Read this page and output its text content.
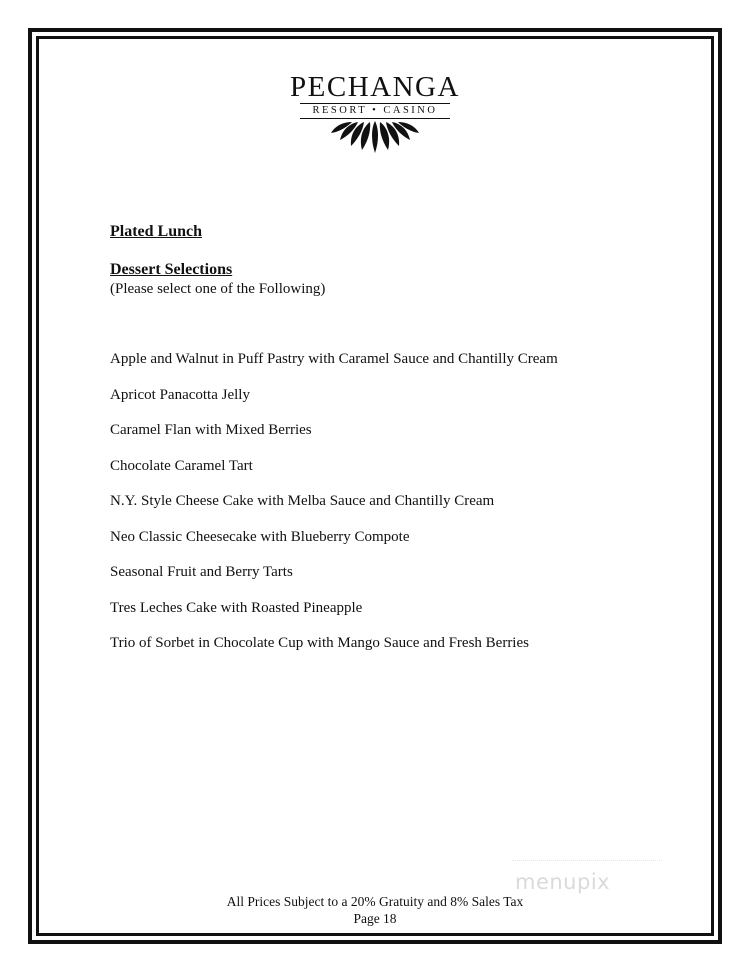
PECHANGA
RESORT • CASINO

Plated Lunch

Dessert Selections

(Please select one of the Following)

Apple and Walnut in Puff Pastry with Caramel Sauce and Chantilly Cream
Apricot Panacotta Jelly
Caramel Flan with Mixed Berries
Chocolate Caramel Tart
N.Y. Style Cheese Cake with Melba Sauce and Chantilly Cream
Neo Classic Cheesecake with Blueberry Compote
Seasonal Fruit and Berry Tarts
Tres Leches Cake with Roasted Pineapple
Trio of Sorbet in Chocolate Cup with Mango Sauce and Fresh Berries
menupix
All Prices Subject to a 20% Gratuity and 8% Sales Tax
Page 18
